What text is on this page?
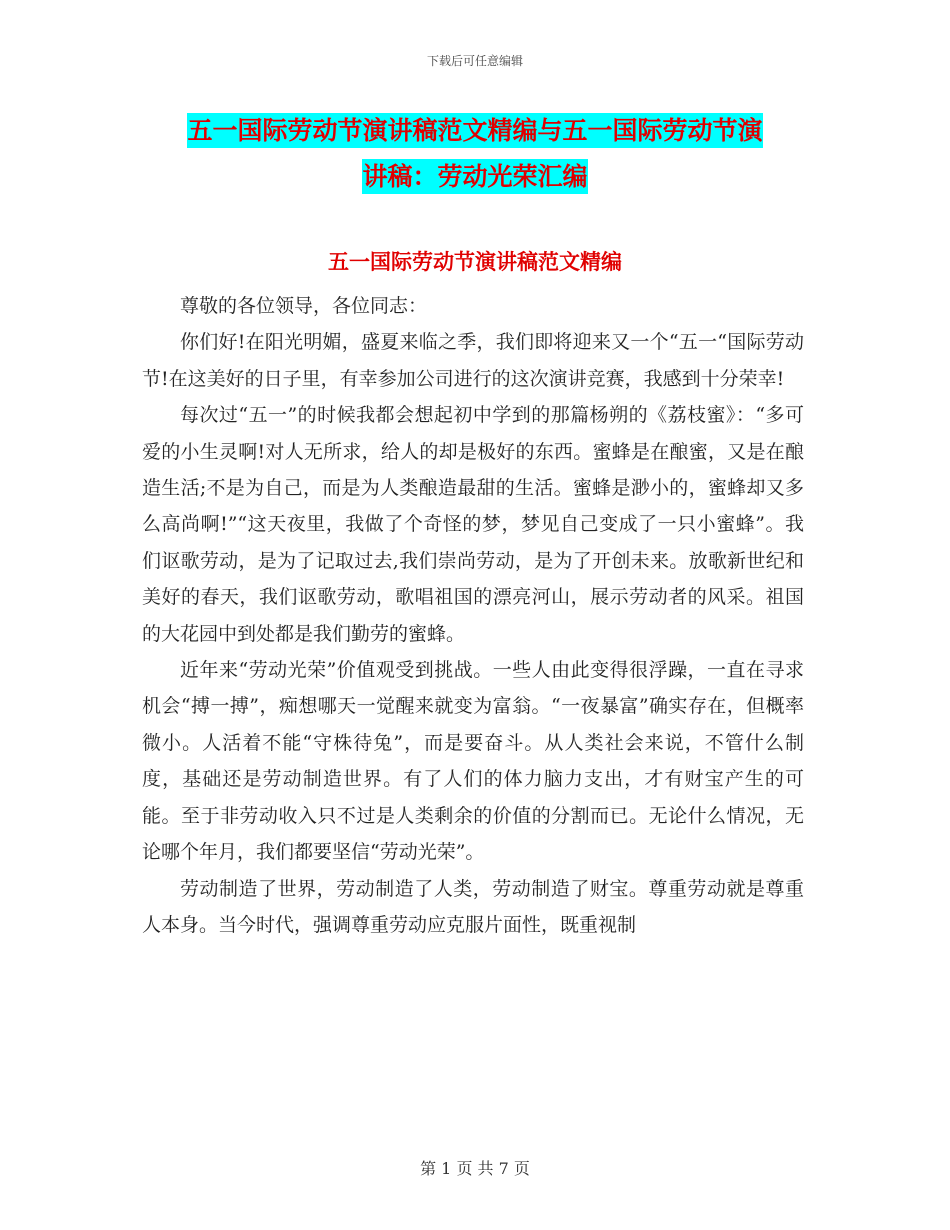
下载后可任意编辑
五一国际劳动节演讲稿范文精编与五一国际劳动节演
讲稿：劳动光荣汇编
五一国际劳动节演讲稿范文精编

尊敬的各位领导，各位同志：

你们好!在阳光明媚，盛夏来临之季，我们即将迎来又一个“五一“国际劳动节!在这美好的日子里，有幸参加公司进行的这次演讲竞赛，我感到十分荣幸!

每次过“五一”的时候我都会想起初中学到的那篇杨朔的《荔枝蜜》：“多可爱的小生灵啊!对人无所求，给人的却是极好的东西。蜜蜂是在酿蜜，又是在酿造生活;不是为自己，而是为人类酿造最甜的生活。蜜蜂是渺小的，蜜蜂却又多么高尚啊!”“这天夜里，我做了个奇怪的梦，梦见自己变成了一只小蜜蜂”。我们讴歌劳动，是为了记取过去,我们崇尚劳动，是为了开创未来。放歌新世纪和美好的春天，我们讴歌劳动，歌唱祖国的漂亮河山，展示劳动者的风采。祖国的大花园中到处都是我们勤劳的蜜蜂。

近年来“劳动光荣”价值观受到挑战。一些人由此变得很浮躁，一直在寻求机会“搏一搏”，痴想哪天一觉醒来就变为富翁。“一夜暴富”确实存在，但概率微小。人活着不能“守株待兔”，而是要奋斗。从人类社会来说，不管什么制度，基础还是劳动制造世界。有了人们的体力脑力支出，才有财宝产生的可能。至于非劳动收入只不过是人类剩余的价值的分割而已。无论什么情况，无论哪个年月，我们都要坚信“劳动光荣”。

劳动制造了世界，劳动制造了人类，劳动制造了财宝。尊重劳动就是尊重人本身。当今时代，强调尊重劳动应克服片面性，既重视制

第 1 页 共 7 页
